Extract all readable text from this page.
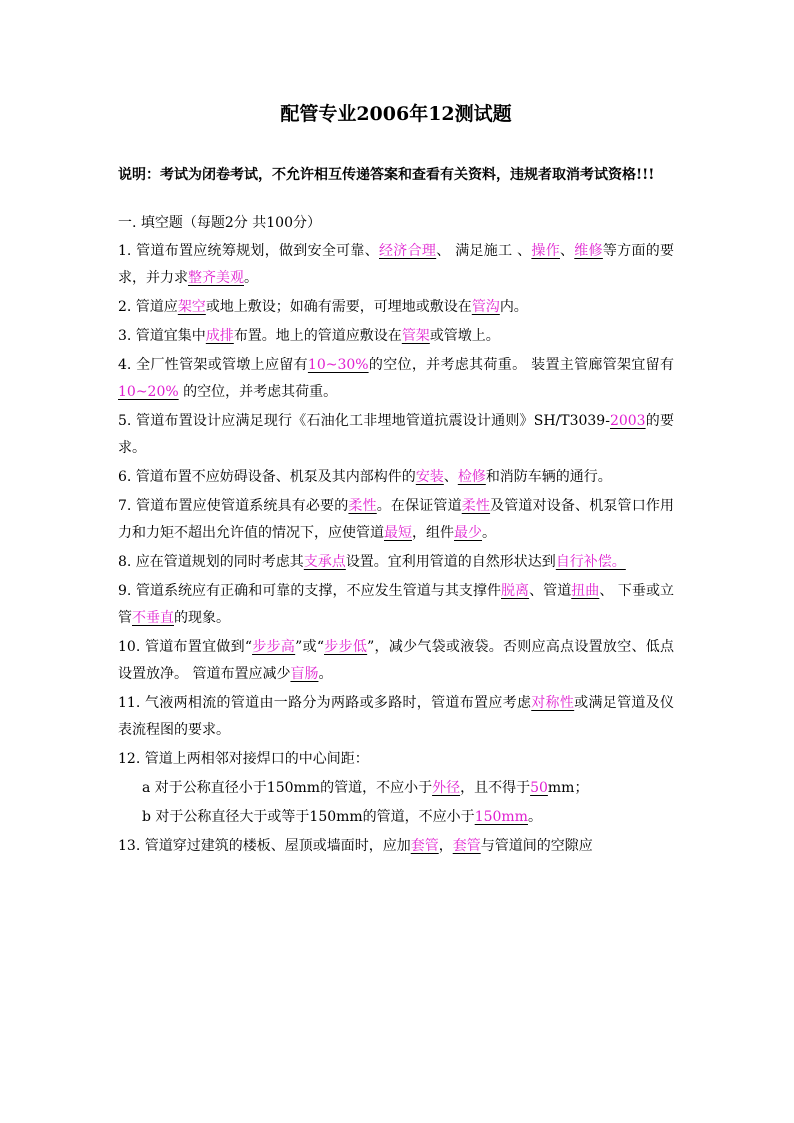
配管专业2006年12测试题
说明：考试为闭卷考试，不允许相互传递答案和查看有关资料，违规者取消考试资格!!!
一. 填空题（每题2分 共100分）
1. 管道布置应统筹规划，做到安全可靠、经济合理、 满足施工 、操作、维修等方面的要求，并力求整齐美观。
2. 管道应架空或地上敷设；如确有需要，可埋地或敷设在管沟内。
3. 管道宜集中成排布置。地上的管道应敷设在管架或管墩上。
4. 全厂性管架或管墩上应留有10~30%的空位，并考虑其荷重。 装置主管廊管架宜留有 10~20% 的空位，并考虑其荷重。
5. 管道布置设计应满足现行《石油化工非埋地管道抗震设计通则》SH/T3039-2003的要求。
6. 管道布置不应妨碍设备、机泵及其内部构件的安装、检修和消防车辆的通行。
7. 管道布置应使管道系统具有必要的柔性。在保证管道柔性及管道对设备、机泵管口作用力和力矩不超出允许值的情况下，应使管道最短，组件最少。
8. 应在管道规划的同时考虑其支承点设置。宜利用管道的自然形状达到自行补偿。
9. 管道系统应有正确和可靠的支撑，不应发生管道与其支撑件脱离、管道扭曲、 下垂或立管不垂直的现象。
10. 管道布置宜做到“步步高”或“步步低”，减少气袋或液袋。否则应高点设置放空、低点设置放净。 管道布置应减少盲肠。
11. 气液两相流的管道由一路分为两路或多路时，管道布置应考虑对称性或满足管道及仪表流程图的要求。
12. 管道上两相邻对接焊口的中心间距：
a 对于公称直径小于150mm的管道，不应小于外径，且不得于50mm；
b 对于公称直径大于或等于150mm的管道，不应小于150mm。
13. 管道穿过建筑的楼板、屋顶或墙面时，应加套管，套管与管道间的空隙应
